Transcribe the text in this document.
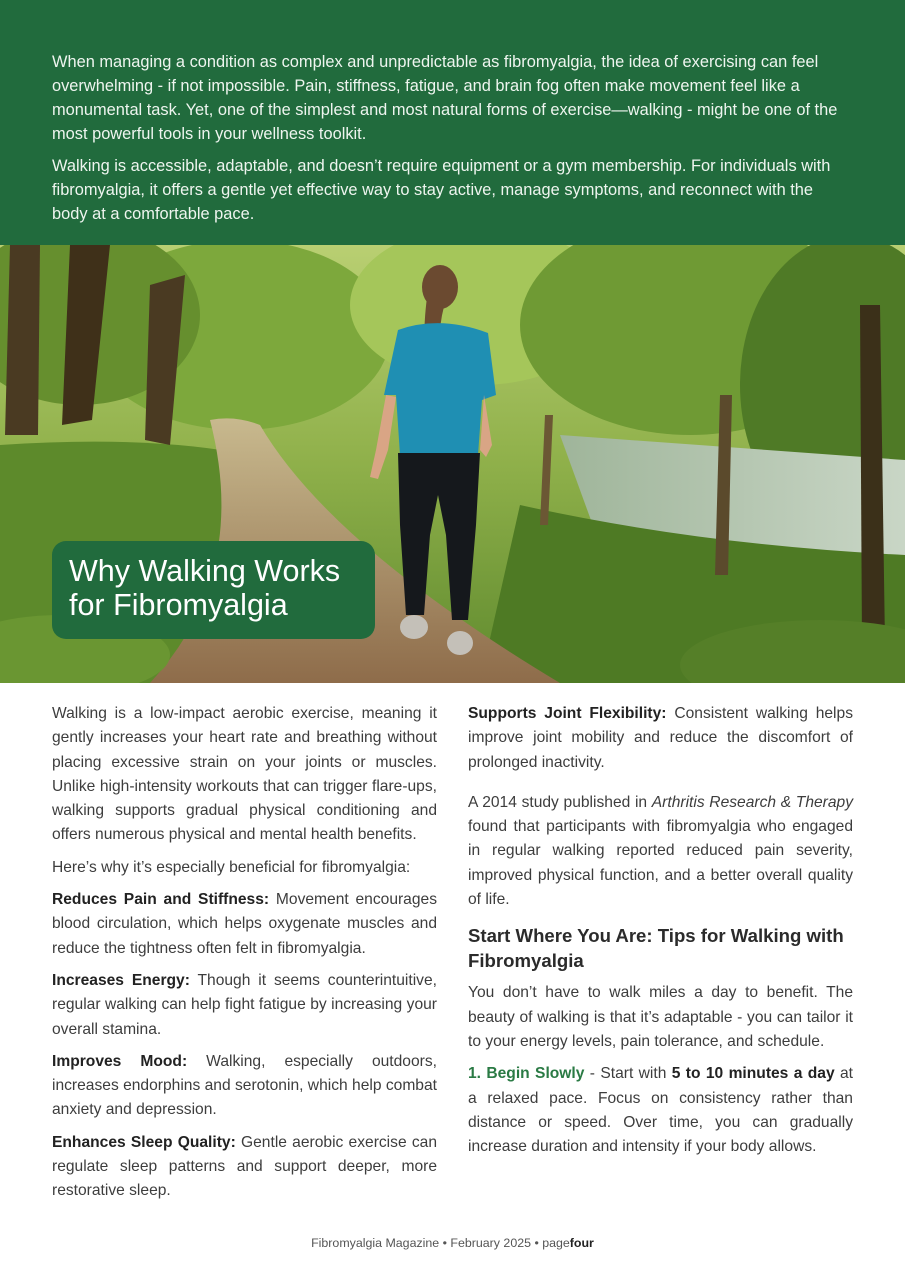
When managing a condition as complex and unpredictable as fibromyalgia, the idea of exercising can feel overwhelming - if not impossible. Pain, stiffness, fatigue, and brain fog often make movement feel like a monumental task. Yet, one of the simplest and most natural forms of exercise—walking - might be one of the most powerful tools in your wellness toolkit.

Walking is accessible, adaptable, and doesn’t require equipment or a gym membership. For individuals with fibromyalgia, it offers a gentle yet effective way to stay active, manage symptoms, and reconnect with the body at a comfortable pace.

Why Walking Works
for Fibromyalgia

Walking is a low-impact aerobic exercise, meaning it gently increases your heart rate and breathing without placing excessive strain on your joints or muscles. Unlike high-intensity workouts that can trigger flare-ups, walking supports gradual physical conditioning and offers numerous physical and mental health benefits.

Here’s why it’s especially beneficial for fibromyalgia:

Reduces Pain and Stiffness: Movement encourages blood circulation, which helps oxygenate muscles and reduce the tightness often felt in fibromyalgia.

Increases Energy: Though it seems counterintuitive, regular walking can help fight fatigue by increasing your overall stamina.

Improves Mood: Walking, especially outdoors, increases endorphins and serotonin, which help combat anxiety and depression.

Enhances Sleep Quality: Gentle aerobic exercise can regulate sleep patterns and support deeper, more restorative sleep.

Supports Joint Flexibility: Consistent walking helps improve joint mobility and reduce the discomfort of prolonged inactivity.

A 2014 study published in Arthritis Research & Therapy found that participants with fibromyalgia who engaged in regular walking reported reduced pain severity, improved physical function, and a better overall quality of life.

Start Where You Are: Tips for Walking with Fibromyalgia

You don’t have to walk miles a day to benefit. The beauty of walking is that it’s adaptable - you can tailor it to your energy levels, pain tolerance, and schedule.

1. Begin Slowly - Start with 5 to 10 minutes a day at a relaxed pace. Focus on consistency rather than distance or speed. Over time, you can gradually increase duration and intensity if your body allows.

Fibromyalgia Magazine • February 2025 • pagefour
